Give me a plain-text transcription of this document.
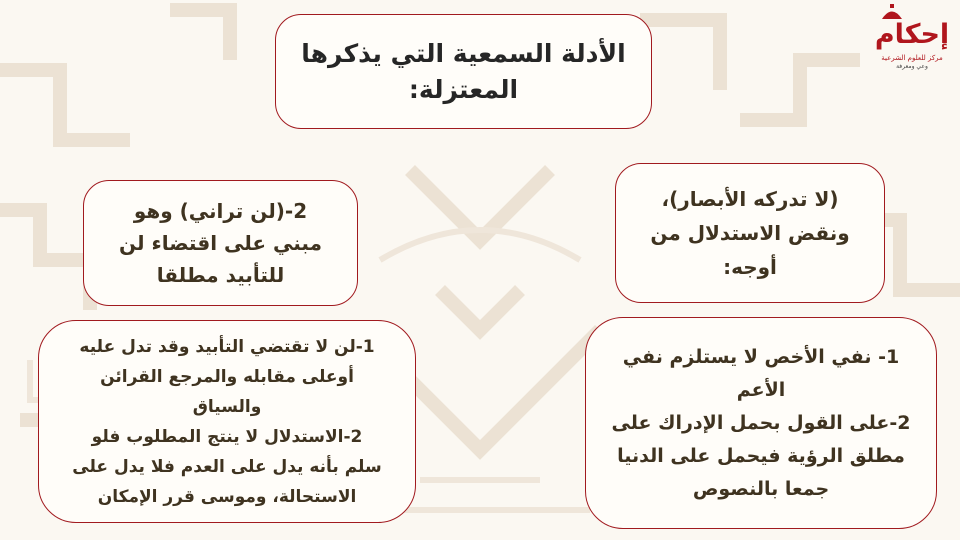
إحكام
مركز للعلوم الشرعية
وعي ومعرفة
الأدلة السمعية التي يذكرها
المعتزلة:
(لا تدركه الأبصار)،
ونقض الاستدلال من
أوجه:
2-(لن تراني) وهو
مبني على اقتضاء لن
للتأبيد مطلقا
1-لن لا تقتضي التأبيد وقد تدل عليه
أوعلى مقابله والمرجع القرائن
والسياق
2-الاستدلال لا ينتج المطلوب فلو
سلم بأنه يدل على العدم فلا يدل على
الاستحالة، وموسى قرر الإمكان
1- نفي الأخص لا يستلزم نفي
الأعم
2-على القول بحمل الإدراك على
مطلق الرؤية فيحمل على الدنيا
جمعا بالنصوص
